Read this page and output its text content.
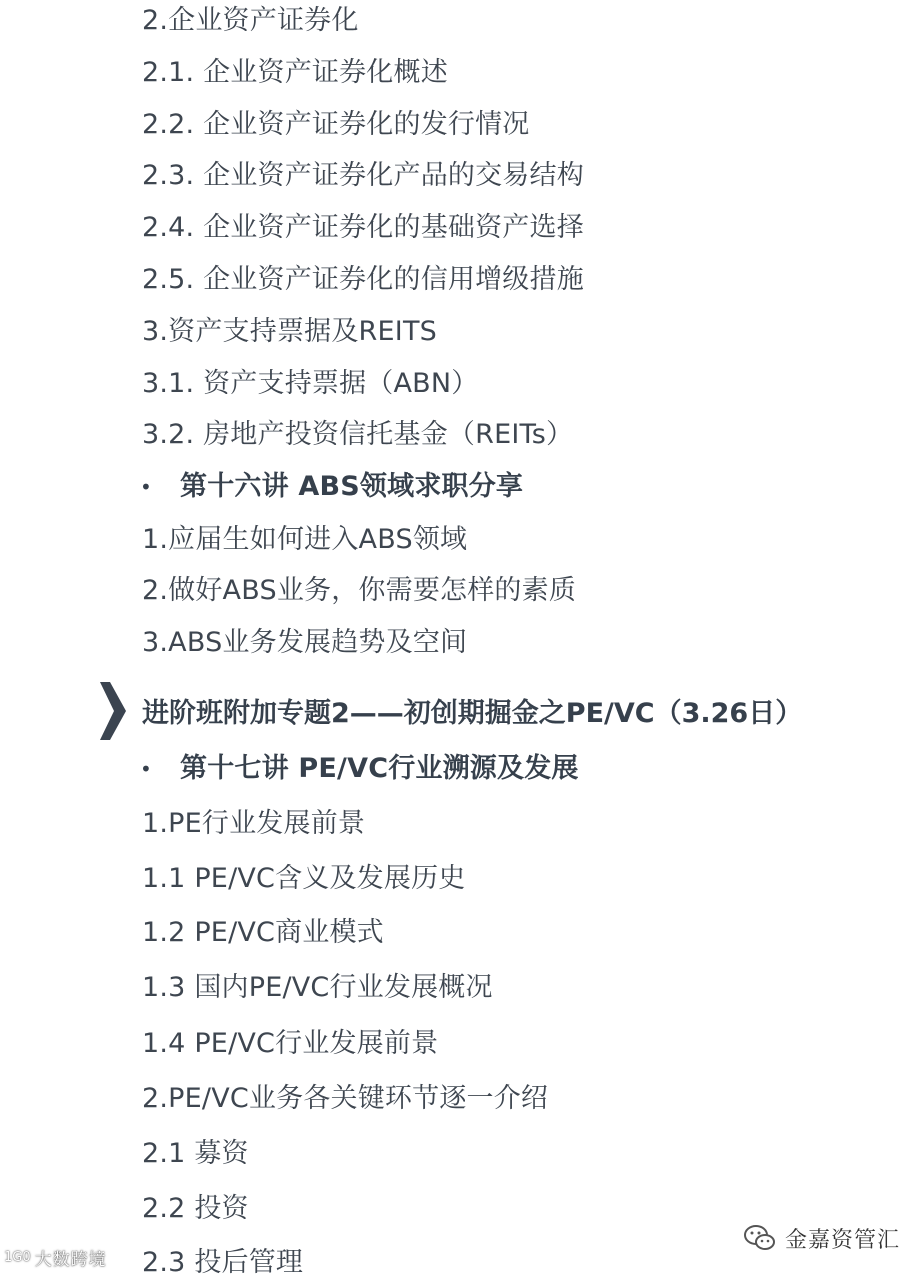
2.企业资产证券化
2.1. 企业资产证券化概述
2.2. 企业资产证券化的发行情况
2.3. 企业资产证券化产品的交易结构
2.4. 企业资产证券化的基础资产选择
2.5. 企业资产证券化的信用增级措施
3.资产支持票据及REITS
3.1. 资产支持票据（ABN）
3.2. 房地产投资信托基金（REITs）
• 第十六讲 ABS领域求职分享
1.应届生如何进入ABS领域
2.做好ABS业务，你需要怎样的素质
3.ABS业务发展趋势及空间
进阶班附加专题2——初创期掘金之PE/VC（3.26日）
• 第十七讲 PE/VC行业溯源及发展
1.PE行业发展前景
1.1 PE/VC含义及发展历史
1.2 PE/VC商业模式
1.3 国内PE/VC行业发展概况
1.4 PE/VC行业发展前景
2.PE/VC业务各关键环节逐一介绍
2.1 募资
2.2 投资
2.3 投后管理
1G0 大数跨境
金嘉资管汇
